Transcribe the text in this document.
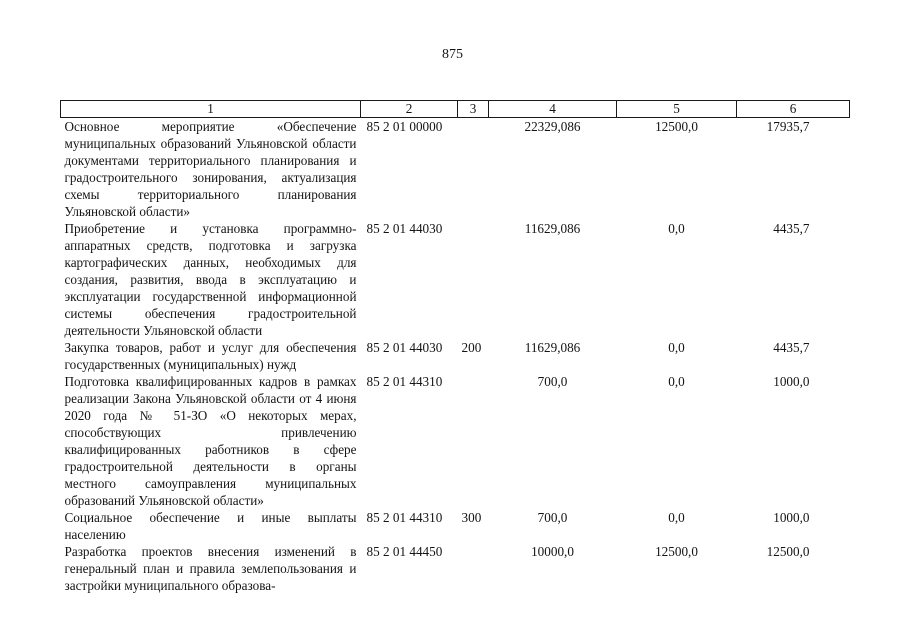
875
1	2	3	4	5	6
Основное мероприятие «Обеспечение муниципальных образований Ульяновской области документами территориального планирования и градостроительного зонирования, актуализация схемы территориального планирования Ульяновской области»	85 2 01 00000		22329,086	12500,0	17935,7
Приобретение и установка программно-аппаратных средств, подготовка и загрузка картографических данных, необходимых для создания, развития, ввода в эксплуатацию и эксплуатации государственной информационной системы обеспечения градостроительной деятельности Ульяновской области	85 2 01 44030		11629,086	0,0	4435,7
Закупка товаров, работ и услуг для обеспечения государственных (муниципальных) нужд	85 2 01 44030	200	11629,086	0,0	4435,7
Подготовка квалифицированных кадров в рамках реализации Закона Ульяновской области от 4 июня 2020 года № 51-ЗО «О некоторых мерах, способствующих привлечению квалифицированных работников в сфере градостроительной деятельности в органы местного самоуправления муниципальных образований Ульяновской области»	85 2 01 44310		700,0	0,0	1000,0
Социальное обеспечение и иные выплаты населению	85 2 01 44310	300	700,0	0,0	1000,0
Разработка проектов внесения изменений в генеральный план и правила землепользования и застройки муниципального образова-	85 2 01 44450		10000,0	12500,0	12500,0
